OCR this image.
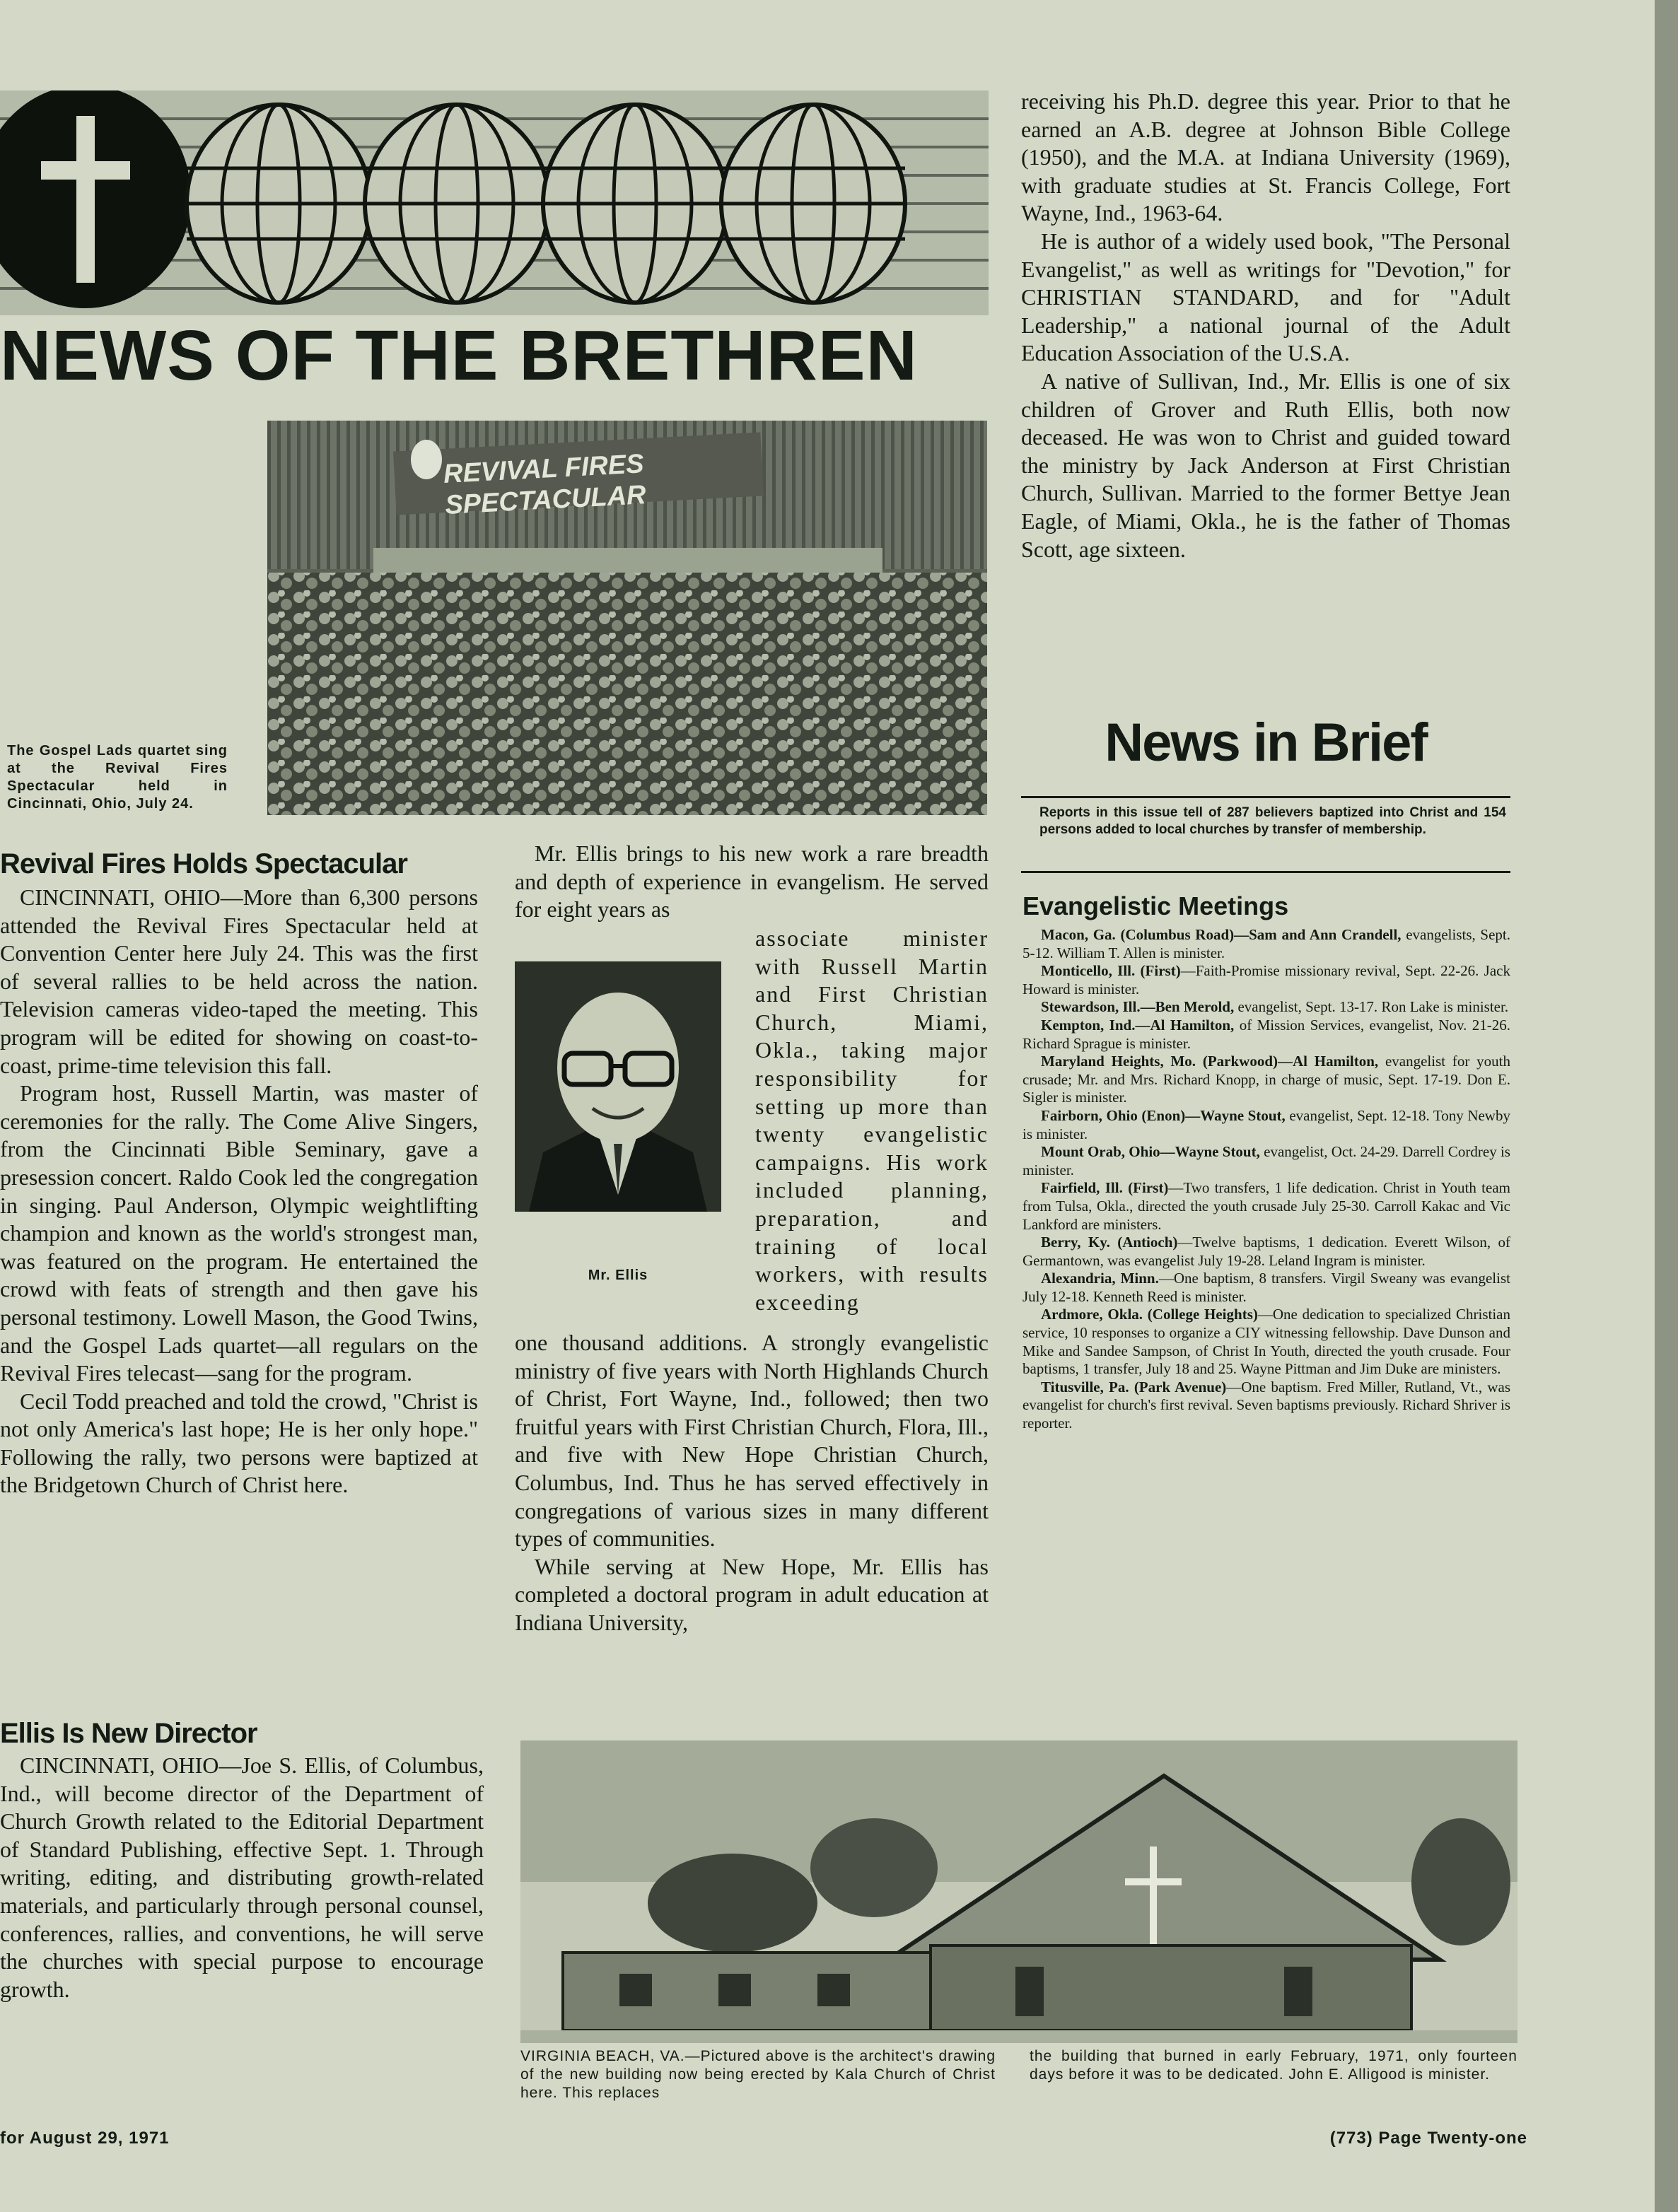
NEWS OF THE BRETHREN
REVIVAL FIRES SPECTACULAR
The Gospel Lads quartet sing at the Revival Fires Spectacular held in Cincinnati, Ohio, July 24.
Revival Fires Holds Spectacular

CINCINNATI, OHIO—More than 6,300 persons attended the Revival Fires Spectacular held at Convention Center here July 24. This was the first of several rallies to be held across the nation. Television cameras video-taped the meeting. This program will be edited for showing on coast-to-coast, prime-time television this fall.

Program host, Russell Martin, was master of ceremonies for the rally. The Come Alive Singers, from the Cincinnati Bible Seminary, gave a presession concert. Raldo Cook led the congregation in singing. Paul Anderson, Olympic weightlifting champion and known as the world's strongest man, was featured on the program. He entertained the crowd with feats of strength and then gave his personal testimony. Lowell Mason, the Good Twins, and the Gospel Lads quartet—all regulars on the Revival Fires telecast—sang for the program.

Cecil Todd preached and told the crowd, "Christ is not only America's last hope; He is her only hope." Following the rally, two persons were baptized at the Bridgetown Church of Christ here.

Ellis Is New Director

CINCINNATI, OHIO—Joe S. Ellis, of Columbus, Ind., will become director of the Department of Church Growth related to the Editorial Department of Standard Publishing, effective Sept. 1. Through writing, editing, and distributing growth-related materials, and particularly through personal counsel, conferences, rallies, and conventions, he will serve the churches with special purpose to encourage growth.

Mr. Ellis brings to his new work a rare breadth and depth of experience in evangelism. He served for eight years as

Mr. Ellis

associate minister with Russell Martin and First Christian Church, Miami, Okla., taking major responsibility for setting up more than twenty evangelistic campaigns. His work included planning, preparation, and training of local workers, with results exceeding

one thousand additions. A strongly evangelistic ministry of five years with North Highlands Church of Christ, Fort Wayne, Ind., followed; then two fruitful years with First Christian Church, Flora, Ill., and five with New Hope Christian Church, Columbus, Ind. Thus he has served effectively in congregations of various sizes in many different types of communities.

While serving at New Hope, Mr. Ellis has completed a doctoral program in adult education at Indiana University,

receiving his Ph.D. degree this year. Prior to that he earned an A.B. degree at Johnson Bible College (1950), and the M.A. at Indiana University (1969), with graduate studies at St. Francis College, Fort Wayne, Ind., 1963-64.

He is author of a widely used book, "The Personal Evangelist," as well as writings for "Devotion," for CHRISTIAN STANDARD, and for "Adult Leadership," a national journal of the Adult Education Association of the U.S.A.

A native of Sullivan, Ind., Mr. Ellis is one of six children of Grover and Ruth Ellis, both now deceased. He was won to Christ and guided toward the ministry by Jack Anderson at First Christian Church, Sullivan. Married to the former Bettye Jean Eagle, of Miami, Okla., he is the father of Thomas Scott, age sixteen.

News in Brief
Reports in this issue tell of 287 believers baptized into Christ and 154 persons added to local churches by transfer of membership.
Evangelistic Meetings

Macon, Ga. (Columbus Road)—Sam and Ann Crandell, evangelists, Sept. 5-12. William T. Allen is minister.

Monticello, Ill. (First)—Faith-Promise missionary revival, Sept. 22-26. Jack Howard is minister.

Stewardson, Ill.—Ben Merold, evangelist, Sept. 13-17. Ron Lake is minister.

Kempton, Ind.—Al Hamilton, of Mission Services, evangelist, Nov. 21-26. Richard Sprague is minister.

Maryland Heights, Mo. (Parkwood)—Al Hamilton, evangelist for youth crusade; Mr. and Mrs. Richard Knopp, in charge of music, Sept. 17-19. Don E. Sigler is minister.

Fairborn, Ohio (Enon)—Wayne Stout, evangelist, Sept. 12-18. Tony Newby is minister.

Mount Orab, Ohio—Wayne Stout, evangelist, Oct. 24-29. Darrell Cordrey is minister.

Fairfield, Ill. (First)—Two transfers, 1 life dedication. Christ in Youth team from Tulsa, Okla., directed the youth crusade July 25-30. Carroll Kakac and Vic Lankford are ministers.

Berry, Ky. (Antioch)—Twelve baptisms, 1 dedication. Everett Wilson, of Germantown, was evangelist July 19-28. Leland Ingram is minister.

Alexandria, Minn.—One baptism, 8 transfers. Virgil Sweany was evangelist July 12-18. Kenneth Reed is minister.

Ardmore, Okla. (College Heights)—One dedication to specialized Christian service, 10 responses to organize a CIY witnessing fellowship. Dave Dunson and Mike and Sandee Sampson, of Christ In Youth, directed the youth crusade. Four baptisms, 1 transfer, July 18 and 25. Wayne Pittman and Jim Duke are ministers.

Titusville, Pa. (Park Avenue)—One baptism. Fred Miller, Rutland, Vt., was evangelist for church's first revival. Seven baptisms previously. Richard Shriver is reporter.

VIRGINIA BEACH, VA.—Pictured above is the architect's drawing of the new building now being erected by Kala Church of Christ here. This replaces
the building that burned in early February, 1971, only fourteen days before it was to be dedicated. John E. Alligood is minister.
for August 29, 1971	(773) Page Twenty-one
